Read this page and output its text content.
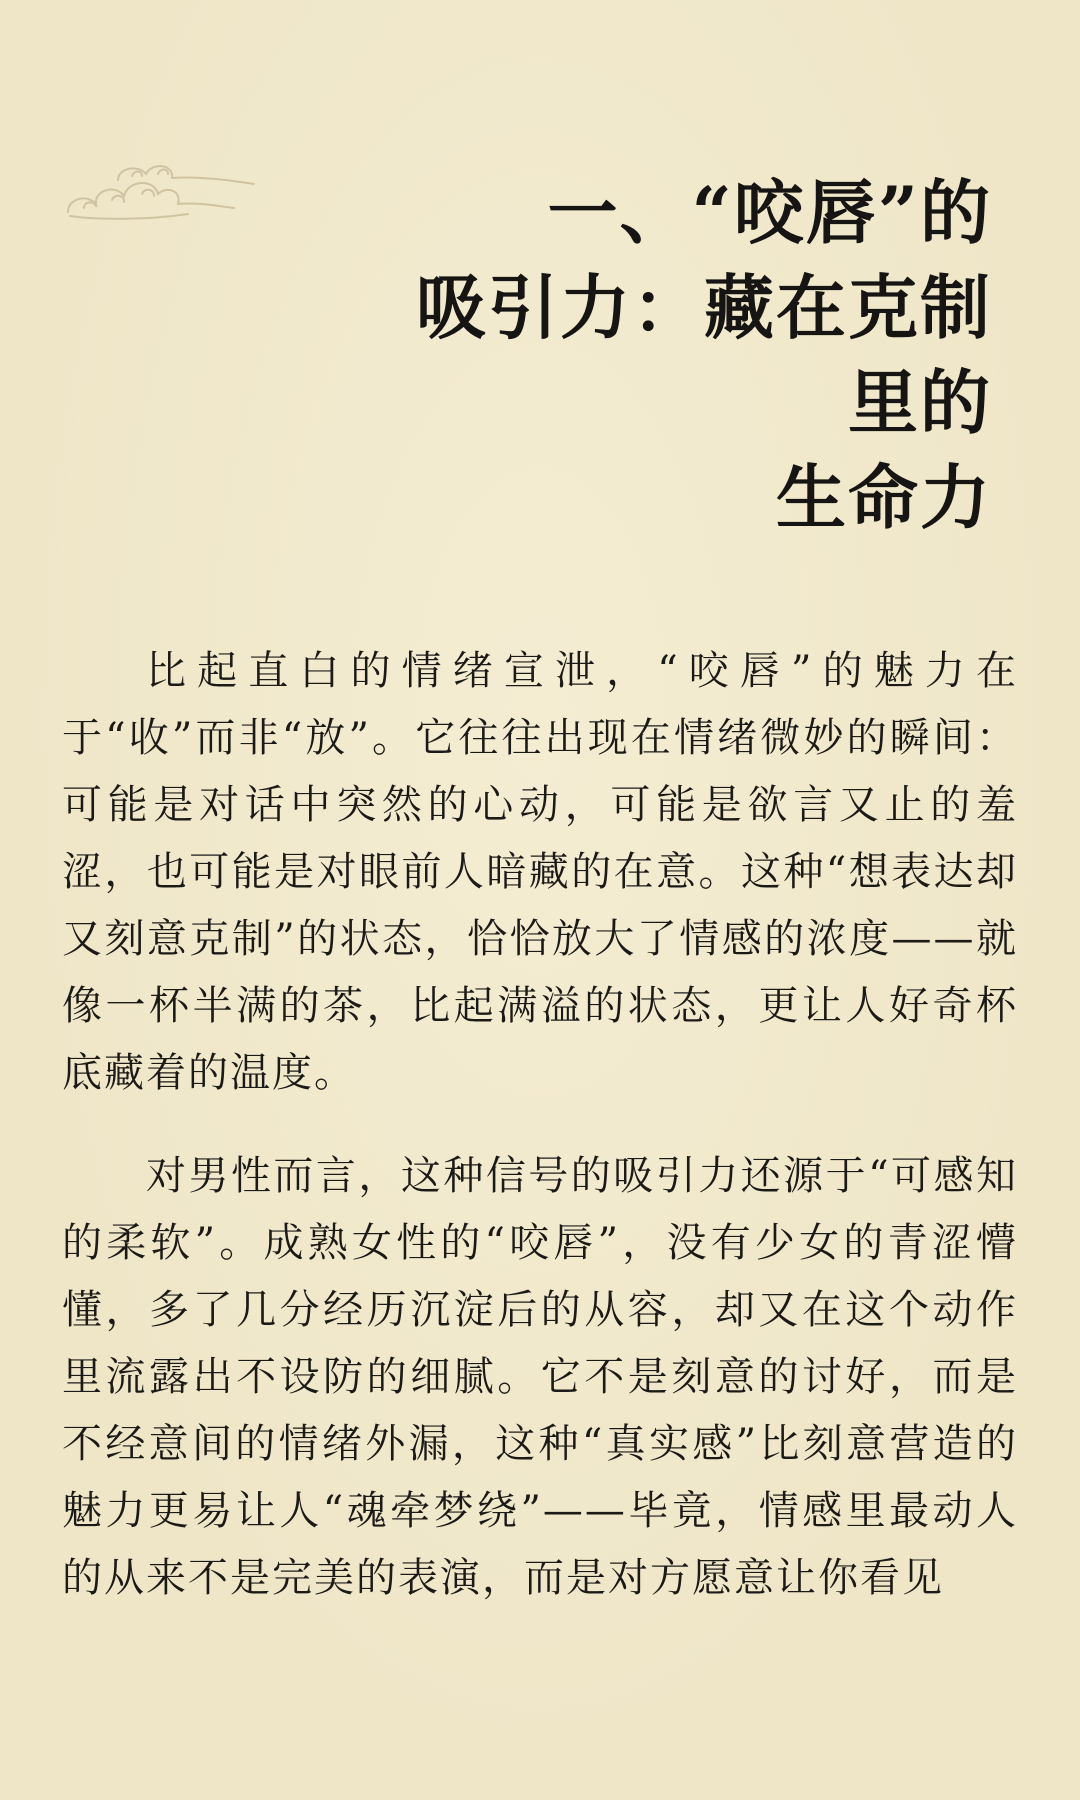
一、“咬唇”的
吸引力：藏在克制
里的
生命力

比起直白的情绪宣泄，“咬唇”的魅力在于“收”而非“放”。它往往出现在情绪微妙的瞬间：可能是对话中突然的心动，可能是欲言又止的羞涩，也可能是对眼前人暗藏的在意。这种“想表达却又刻意克制”的状态，恰恰放大了情感的浓度——就像一杯半满的茶，比起满溢的状态，更让人好奇杯底藏着的温度。

对男性而言，这种信号的吸引力还源于“可感知的柔软”。成熟女性的“咬唇”，没有少女的青涩懵懂，多了几分经历沉淀后的从容，却又在这个动作里流露出不设防的细腻。它不是刻意的讨好，而是不经意间的情绪外漏，这种“真实感”比刻意营造的魅力更易让人“魂牵梦绕”——毕竟，情感里最动人的从来不是完美的表演，而是对方愿意让你看见
